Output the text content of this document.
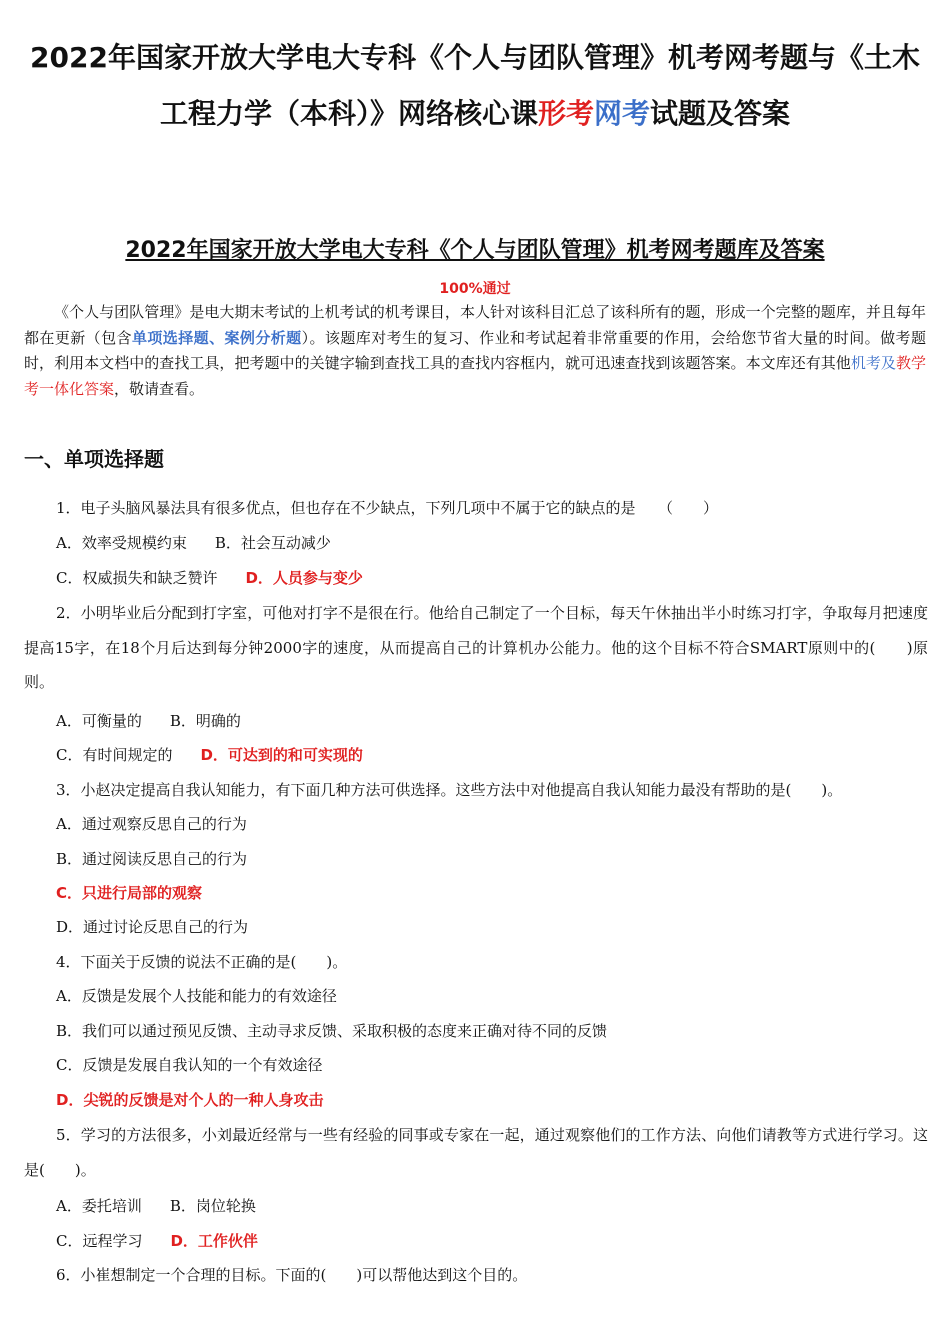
2022年国家开放大学电大专科《个人与团队管理》机考网考题与《土木工程力学（本科）》网络核心课形考网考试题及答案
2022年国家开放大学电大专科《个人与团队管理》机考网考题库及答案
100%通过
《个人与团队管理》是电大期末考试的上机考试的机考课目，本人针对该科目汇总了该科所有的题，形成一个完整的题库，并且每年都在更新（包含单项选择题、案例分析题）。该题库对考生的复习、作业和考试起着非常重要的作用，会给您节省大量的时间。做考题时，利用本文档中的查找工具，把考题中的关键字输到查找工具的查找内容框内，就可迅速查找到该题答案。本文库还有其他机考及教学考一体化答案，敬请查看。
一、单项选择题
1．电子头脑风暴法具有很多优点，但也存在不少缺点，下列几项中不属于它的缺点的是　　（　　）
A．效率受规模约束 B．社会互动减少
C．权威损失和缺乏赞许 D．人员参与变少
2．小明毕业后分配到打字室，可他对打字不是很在行。他给自己制定了一个目标，每天午休抽出半小时练习打字，争取每月把速度提高15字，在18个月后达到每分钟2000字的速度，从而提高自己的计算机办公能力。他的这个目标不符合SMART原则中的(　　)原则。
A．可衡量的 B．明确的
C．有时间规定的 D．可达到的和可实现的
3．小赵决定提高自我认知能力，有下面几种方法可供选择。这些方法中对他提高自我认知能力最没有帮助的是(　　)。
A．通过观察反思自己的行为
B．通过阅读反思自己的行为
C．只进行局部的观察
D．通过讨论反思自己的行为
4．下面关于反馈的说法不正确的是(　　)。
A．反馈是发展个人技能和能力的有效途径
B．我们可以通过预见反馈、主动寻求反馈、采取积极的态度来正确对待不同的反馈
C．反馈是发展自我认知的一个有效途径
D．尖锐的反馈是对个人的一种人身攻击
5．学习的方法很多，小刘最近经常与一些有经验的同事或专家在一起，通过观察他们的工作方法、向他们请教等方式进行学习。这是(　　)。
A．委托培训 B．岗位轮换
C．远程学习 D．工作伙伴
6．小崔想制定一个合理的目标。下面的(　　)可以帮他达到这个目的。
